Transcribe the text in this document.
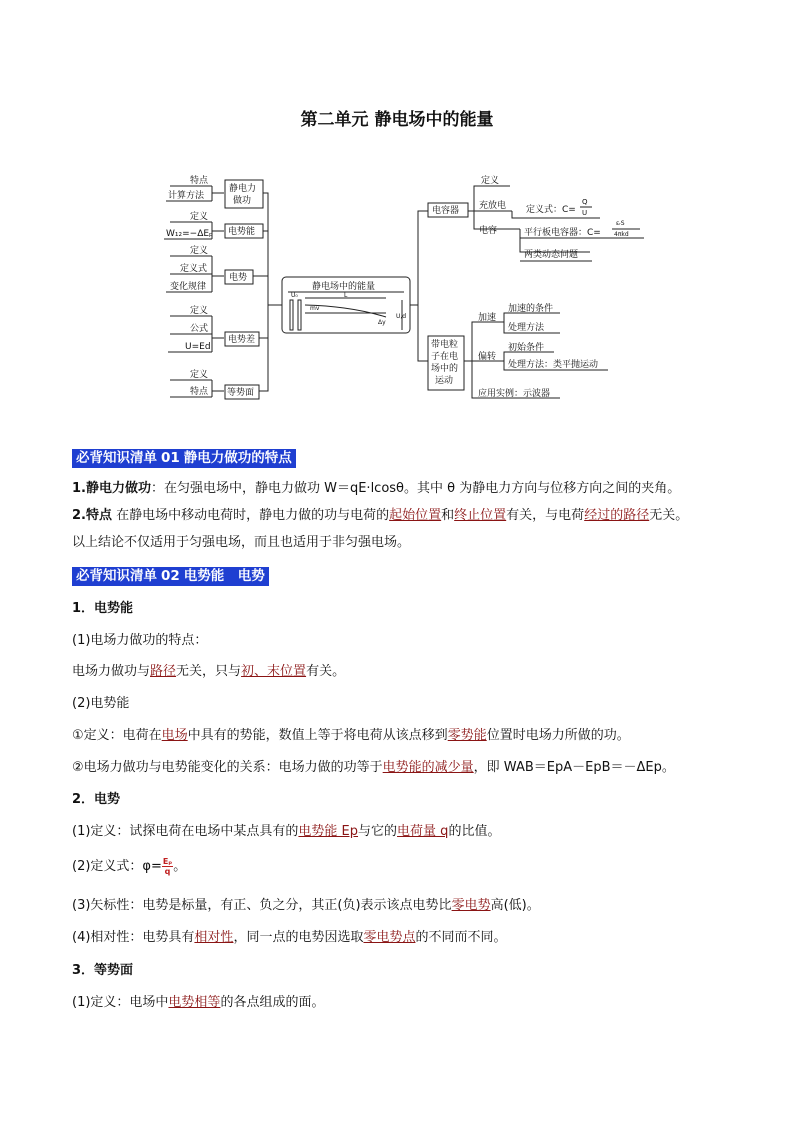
第二单元 静电场中的能量
特点
计算方法
静电力
做功
定义
W₁₂=−ΔEₚ 电势能
定义
定义式
变化规律
电势
定义
公式
U=Ed
电势差
定义
特点 等势面
静电场中的能量
U₀	L
mv
U,d
Δy
电容器
定义
充放电
电容
定义式：C=
Q
U
平行板电容器：C=
εᵣS
4πkd
两类动态问题
带电粒
子在电
场中的
运动
加速
偏转
应用实例：示波器
加速的条件
处理方法
初始条件
处理方法：类平抛运动
必背知识清单 01 静电力做功的特点
1.静电力做功：在匀强电场中，静电力做功 W＝qE·lcosθ。其中 θ 为静电力方向与位移方向之间的夹角。
2.特点 在静电场中移动电荷时，静电力做的功与电荷的起始位置和终止位置有关，与电荷经过的路径无关。
以上结论不仅适用于匀强电场，而且也适用于非匀强电场。
必背知识清单 02 电势能　电势
1．电势能
(1)电场力做功的特点：
电场力做功与路径无关，只与初、末位置有关。
(2)电势能
①定义：电荷在电场中具有的势能，数值上等于将电荷从该点移到零势能位置时电场力所做的功。
②电场力做功与电势能变化的关系：电场力做的功等于电势能的减少量，即 WAB＝EpA－EpB＝－ΔEp。
2．电势
(1)定义：试探电荷在电场中某点具有的电势能 Ep与它的电荷量 q的比值。
(2)定义式：$\varphi= \frac{\text{Eₚ}}{q}$ 。
(3)矢标性：电势是标量，有正、负之分，其正(负)表示该点电势比零电势高(低)。
(4)相对性：电势具有相对性，同一点的电势因选取零电势点的不同而不同。
3．等势面
(1)定义：电场中电势相等的各点组成的面。
